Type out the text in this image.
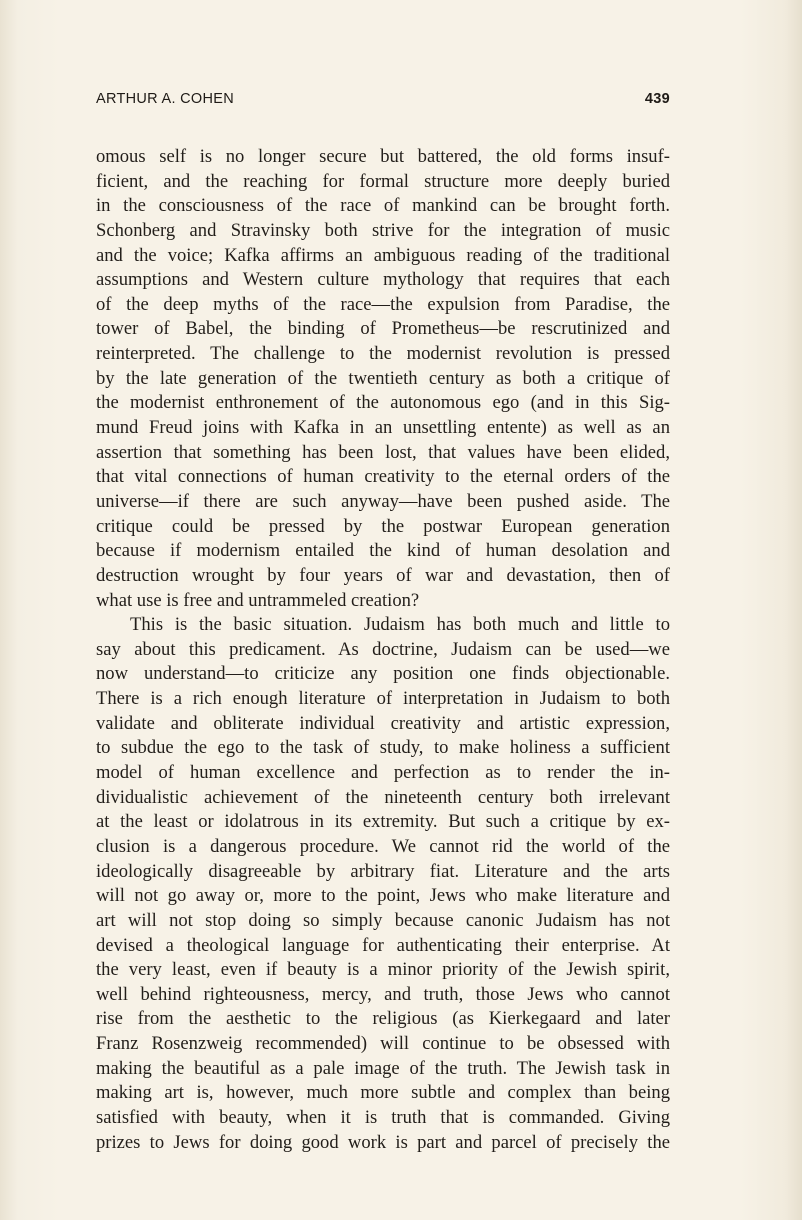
ARTHUR A. COHEN	439
omous self is no longer secure but battered, the old forms insuf-
ficient, and the reaching for formal structure more deeply buried
in the consciousness of the race of mankind can be brought forth.
Schonberg and Stravinsky both strive for the integration of music
and the voice; Kafka affirms an ambiguous reading of the traditional
assumptions and Western culture mythology that requires that each
of the deep myths of the race—the expulsion from Paradise, the
tower of Babel, the binding of Prometheus—be rescrutinized and
reinterpreted. The challenge to the modernist revolution is pressed
by the late generation of the twentieth century as both a critique of
the modernist enthronement of the autonomous ego (and in this Sig-
mund Freud joins with Kafka in an unsettling entente) as well as an
assertion that something has been lost, that values have been elided,
that vital connections of human creativity to the eternal orders of the
universe—if there are such anyway—have been pushed aside. The
critique could be pressed by the postwar European generation
because if modernism entailed the kind of human desolation and
destruction wrought by four years of war and devastation, then of
what use is free and untrammeled creation?
This is the basic situation. Judaism has both much and little to
say about this predicament. As doctrine, Judaism can be used—we
now understand—to criticize any position one finds objectionable.
There is a rich enough literature of interpretation in Judaism to both
validate and obliterate individual creativity and artistic expression,
to subdue the ego to the task of study, to make holiness a sufficient
model of human excellence and perfection as to render the in-
dividualistic achievement of the nineteenth century both irrelevant
at the least or idolatrous in its extremity. But such a critique by ex-
clusion is a dangerous procedure. We cannot rid the world of the
ideologically disagreeable by arbitrary fiat. Literature and the arts
will not go away or, more to the point, Jews who make literature and
art will not stop doing so simply because canonic Judaism has not
devised a theological language for authenticating their enterprise. At
the very least, even if beauty is a minor priority of the Jewish spirit,
well behind righteousness, mercy, and truth, those Jews who cannot
rise from the aesthetic to the religious (as Kierkegaard and later
Franz Rosenzweig recommended) will continue to be obsessed with
making the beautiful as a pale image of the truth. The Jewish task in
making art is, however, much more subtle and complex than being
satisfied with beauty, when it is truth that is commanded. Giving
prizes to Jews for doing good work is part and parcel of precisely the
